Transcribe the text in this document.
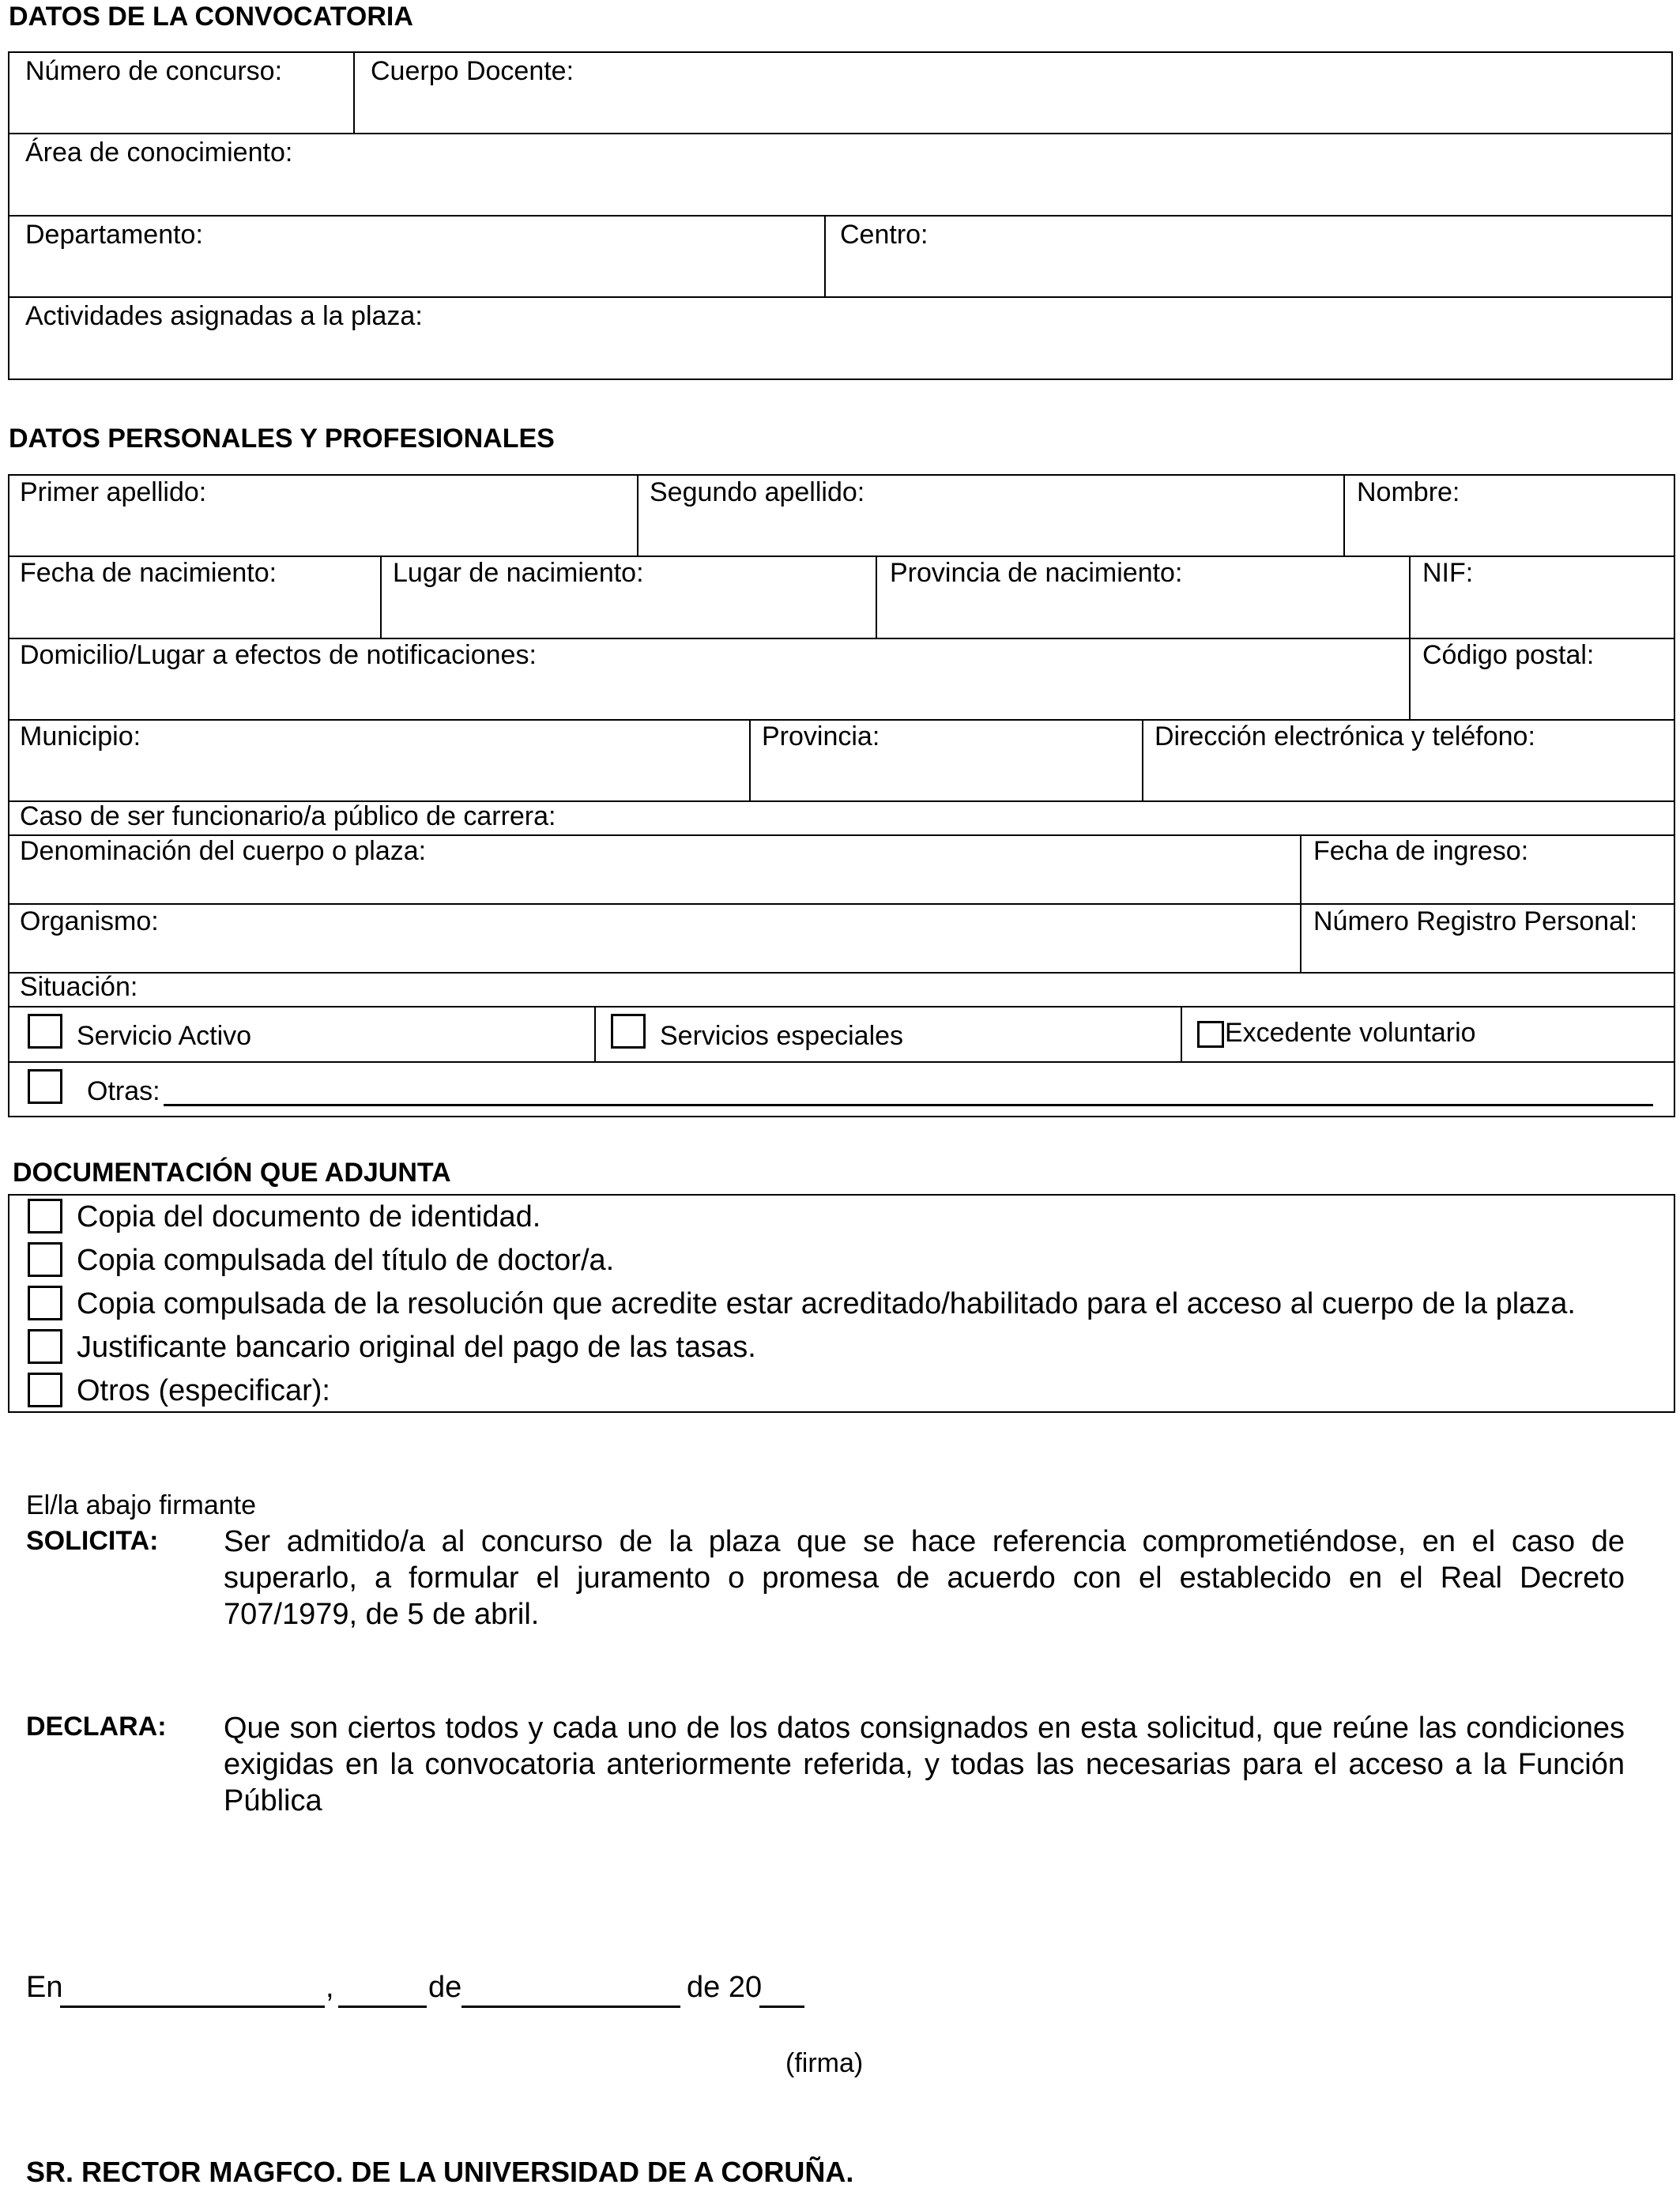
DATOS DE LA CONVOCATORIA
Número de concurso:	Cuerpo Docente:
Área de conocimiento:
Departamento:	Centro:
Actividades asignadas a la plaza:
DATOS PERSONALES Y PROFESIONALES
Primer apellido:	Segundo apellido:	Nombre:
Fecha de nacimiento:	Lugar de nacimiento:	Provincia de nacimiento:	NIF:
Domicilio/Lugar a efectos de notificaciones:	Código postal:
Municipio:	Provincia:	Dirección electrónica y teléfono:
Caso de ser funcionario/a público de carrera:
Denominación del cuerpo o plaza:	Fecha de ingreso:
Organismo:	Número Registro Personal:
Situación:
Servicio Activo	Servicios especiales	Excedente voluntario
Otras:
DOCUMENTACIÓN QUE ADJUNTA
Copia del documento de identidad.
Copia compulsada del título de doctor/a.
Copia compulsada de la resolución que acredite estar acreditado/habilitado para el acceso al cuerpo de la plaza.
Justificante bancario original del pago de las tasas.
Otros (especificar):
El/la abajo firmante
SOLICITA: Ser admitido/a al concurso de la plaza que se hace referencia comprometiéndose, en el caso de superarlo, a formular el juramento o promesa de acuerdo con el establecido en el Real Decreto 707/1979, de 5 de abril.
DECLARA: Que son ciertos todos y cada uno de los datos consignados en esta solicitud, que reúne las condiciones exigidas en la convocatoria anteriormente referida, y todas las necesarias para el acceso a la Función Pública
En	,	de	de 20
(firma)
SR. RECTOR MAGFCO. DE LA UNIVERSIDAD DE A CORUÑA.
